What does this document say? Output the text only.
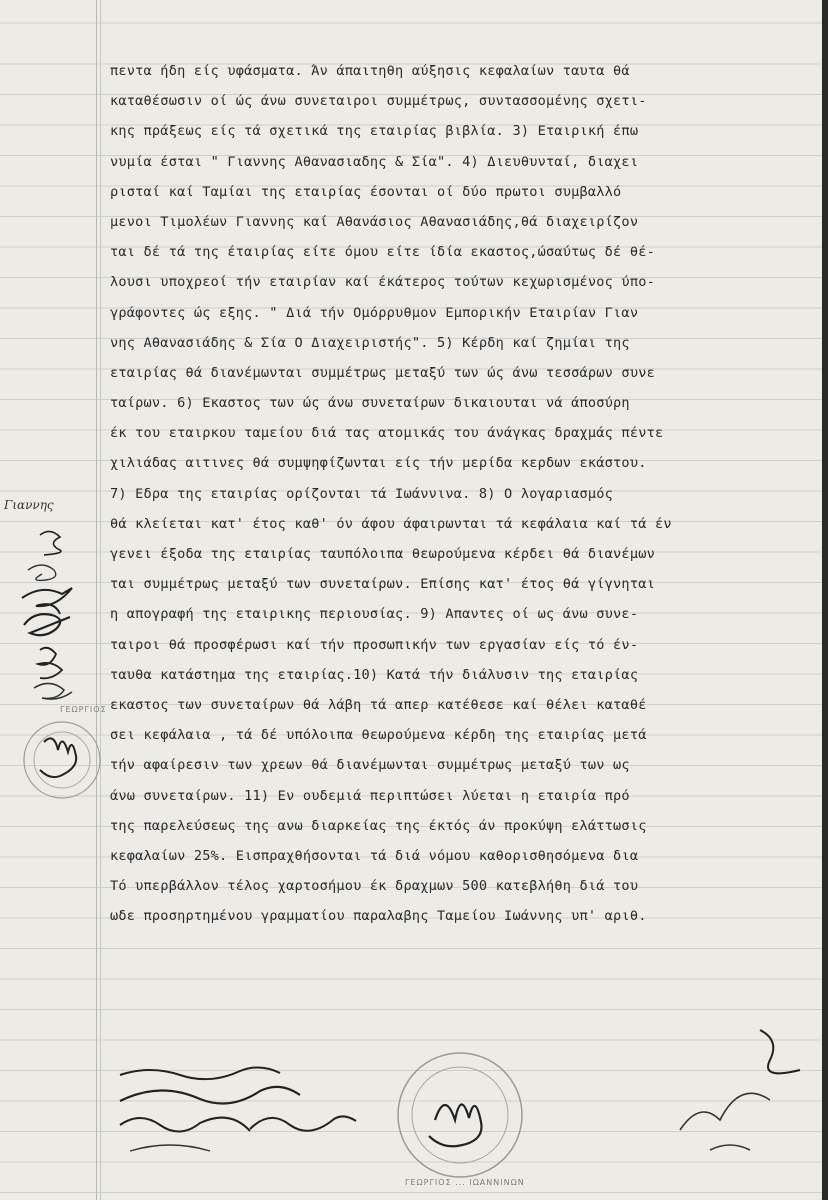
πεντα ήδη είς υφάσματα. Άν άπαιτηθη αύξησις κεφαλαίων ταυτα θά
καταθέσωσιν οί ώς άνω συνεταιροι συμμέτρως, συντασσομένης σχετι-
κης πράξεως είς τά σχετικά της εταιρίας βιβλία. 3) Εταιρική έπω
νυμία έσται " Γιαννης Αθανασιαδης & Σία". 4) Διευθυνταί, διαχει
ρισταί καί Ταμίαι της εταιρίας έσονται οί δύο πρωτοι συμβαλλό
μενοι Τιμολέων Γιαννης καί Αθανάσιος Αθανασιάδης,θά διαχειρίζον
ται δέ τά της έταιρίας είτε όμου είτε ίδία εκαστος,ώσαύτως δέ θέ-
λουσι υποχρεοί τήν εταιρίαν καί έκάτερος τούτων κεχωρισμένος ύπο-
γράφοντες ώς εξης. " Διά τήν Ομόρρυθμον Εμπορικήν Εταιρίαν Γιαν
νης Αθανασιάδης & Σία Ο Διαχειριστής". 5) Κέρδη καί ζημίαι της
εταιρίας θά διανέμωνται συμμέτρως μεταξύ των ώς άνω τεσσάρων συνε
ταίρων. 6) Εκαστος των ώς άνω συνεταίρων δικαιουται νά άποσύρη
έκ του εταιρκου ταμείου διά τας ατομικάς του άνάγκας δραχμάς πέντε
χιλιάδας αιτινες θά συμψηφίζωνται είς τήν μερίδα κερδων εκάστου.
7) Εδρα της εταιρίας ορίζονται τά Ιωάννινα. 8) Ο λογαριασμός
θά κλείεται κατ' έτος καθ' όν άφου άφαιρωνται τά κεφάλαια καί τά έν
γενει έξοδα της εταιρίας ταυπόλοιπα θεωρούμενα κέρδει θά διανέμων
ται συμμέτρως μεταξύ των συνεταίρων. Επίσης κατ' έτος θά γίγνηται
η απογραφή της εταιρικης περιουσίας. 9) Απαντες οί ως άνω συνε-
ταιροι θά προσφέρωσι καί τήν προσωπικήν των εργασίαν είς τό έν-
ταυθα κατάστημα της εταιρίας.10) Κατά τήν διάλυσιν της εταιρίας
εκαστος των συνεταίρων θά λάβη τά απερ κατέθεσε καί θέλει καταθέ
σει κεφάλαια , τά δέ υπόλοιπα θεωρούμενα κέρδη της εταιρίας μετά
τήν αφαίρεσιν των χρεων θά διανέμωνται συμμέτρως μεταξύ των ως
άνω συνεταίρων. 11) Εν ουδεμιά περιπτώσει λύεται η εταιρία πρό
της παρελεύσεως της ανω διαρκείας της έκτός άν προκύψη ελάττωσις
κεφαλαίων 25%. Εισπραχθήσονται τά διά νόμου καθορισθησόμενα δια
Τό υπερβάλλον τέλος χαρτοσήμου έκ δραχμων 500 κατεβλήθη διά του
ωδε προσηρτημένου γραμματίου παραλαβης Ταμείου Ιωάννης υπ' αριθ.
Γιαννης
ΓΕΩΡΓΙΟΣ
ΓΕΩΡΓΙΟΣ ... ΙΩΑΝΝΙΝΩΝ
